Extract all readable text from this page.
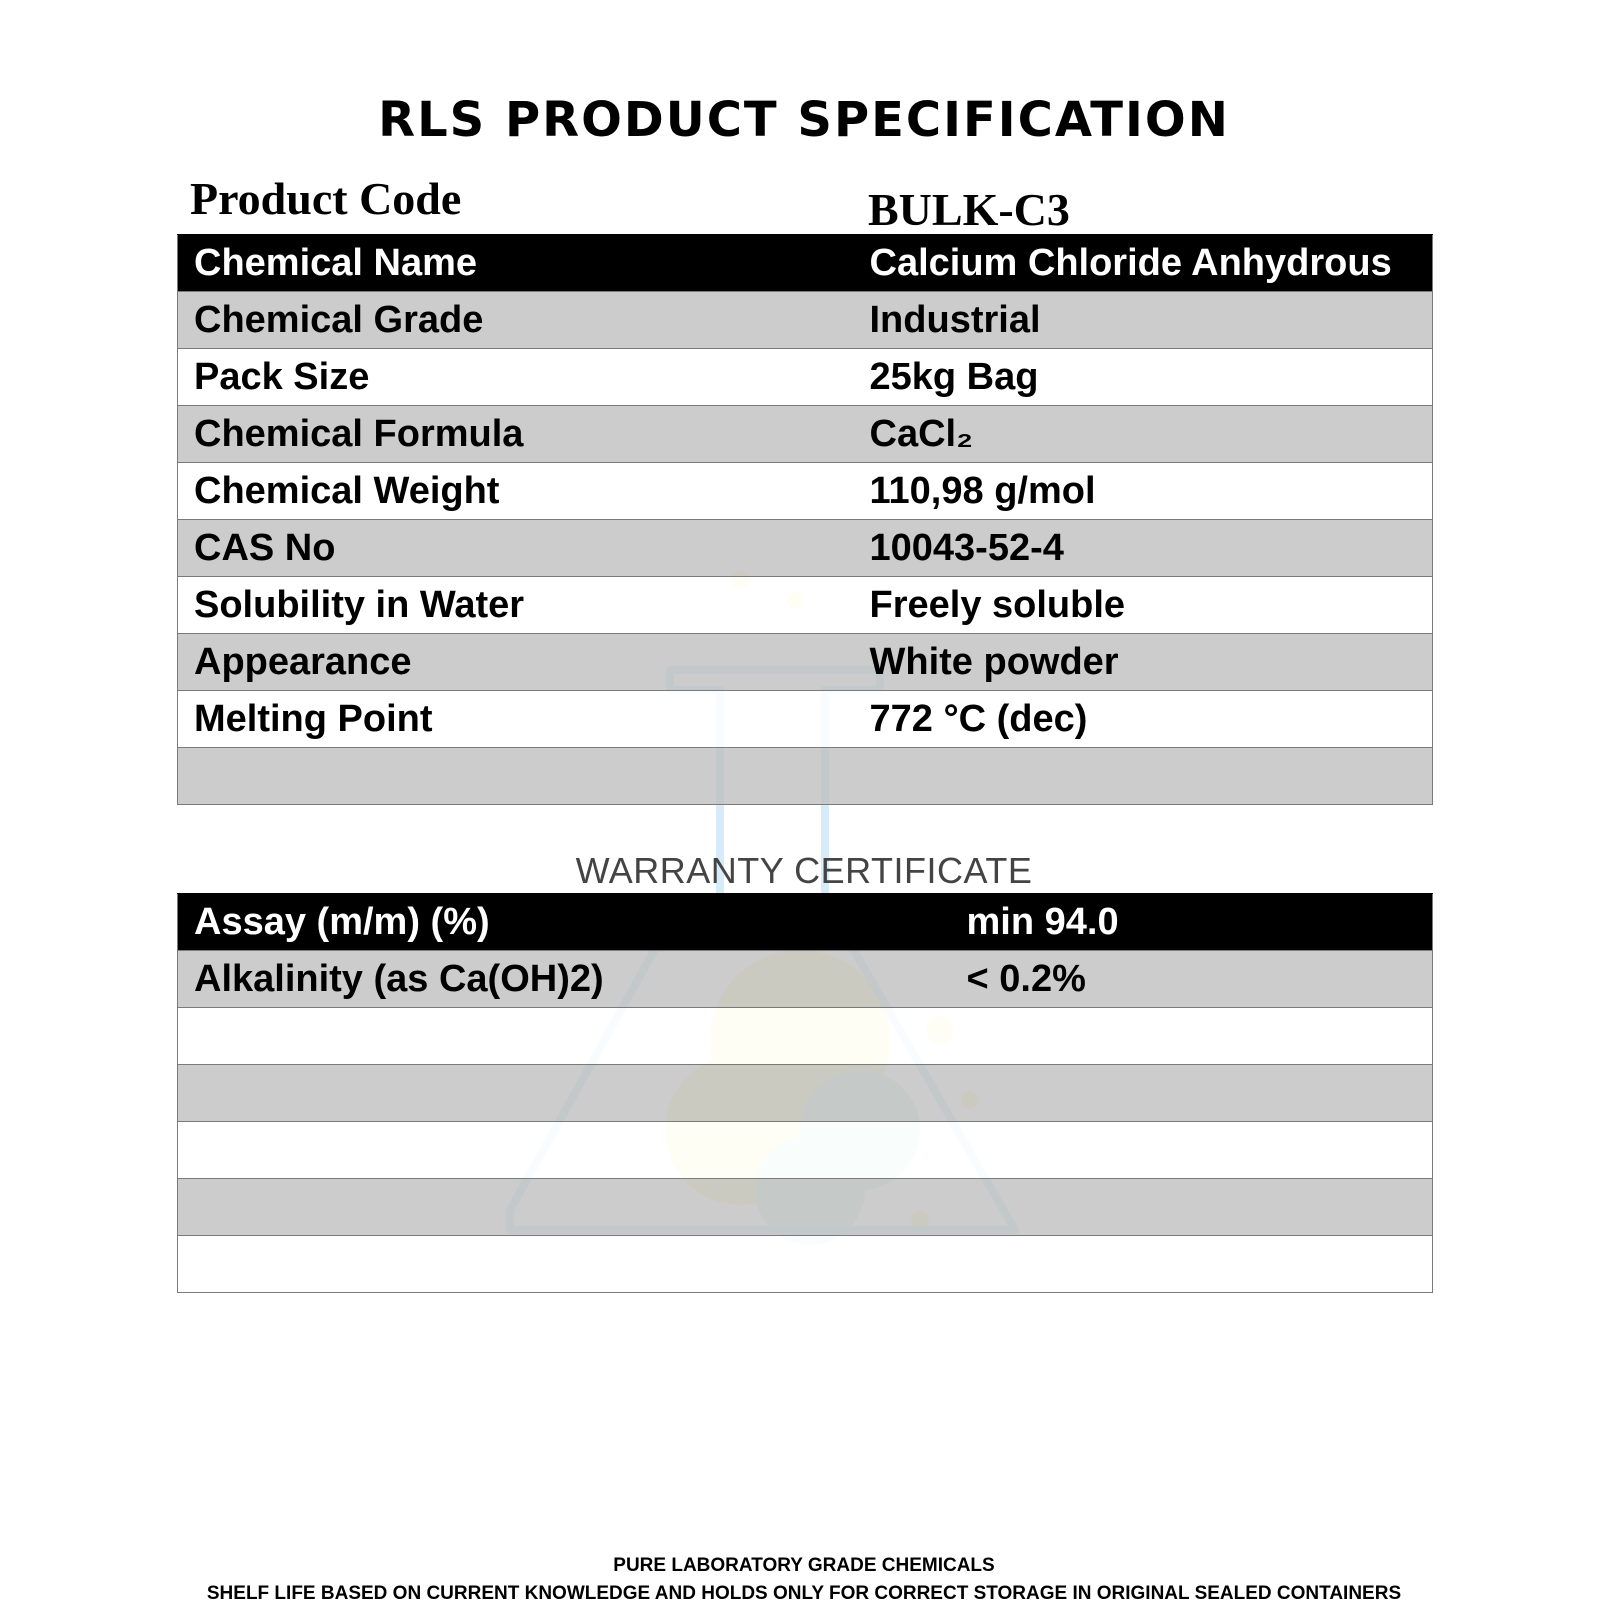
RLS PRODUCT SPECIFICATION
Product Code	BULK-C3
Chemical Name	Calcium Chloride Anhydrous
Chemical Grade	Industrial
Pack Size	25kg Bag
Chemical Formula	CaCl₂
Chemical Weight	110,98 g/mol
CAS No	10043-52-4
Solubility in Water	Freely soluble
Appearance	White powder
Melting Point	772 °C (dec)

WARRANTY CERTIFICATE
Assay (m/m) (%)	min 94.0
Alkalinity (as Ca(OH)2)	< 0.2%

PURE LABORATORY GRADE CHEMICALS
SHELF LIFE BASED ON CURRENT KNOWLEDGE AND HOLDS ONLY FOR CORRECT STORAGE IN ORIGINAL SEALED CONTAINERS
